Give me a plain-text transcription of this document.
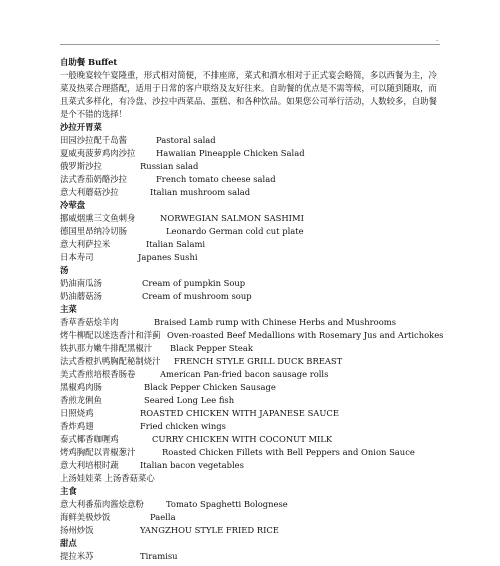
.
自助餐 Buffet

一般晚宴较午宴隆重，形式相对简便，不排座席，菜式和酒水相对于正式宴会略简，多以西餐为主，冷菜及热菜合理搭配，适用于日常的客户联络及友好往来。自助餐的优点是不需等候，可以随到随取，而且菜式多样化，有冷盘、沙拉中西菜品、蛋糕、和各种饮品。如果您公司举行活动，人数较多，自助餐是个不错的选择！

沙拉开胃菜
田园沙拉配千岛酱	Pastoral salad
夏威夷菠萝鸡肉沙拉 Hawaiian Pineapple Chicken Salad
俄罗斯沙拉	Russian salad
法式香茄奶酪沙拉	French tomato cheese salad
意大利蘑菇沙拉	Italian mushroom salad
冷荤盘
挪威烟熏三文鱼刺身	NORWEGIAN SALMON SASHIMI
德国里昂纳冷切肠	Leonardo German cold cut plate
意大利萨拉米	Italian Salami
日本寿司	Japanes Sushi
汤
奶油南瓜汤	Cream of pumpkin Soup
奶油蘑菇汤	Cream of mushroom soup
主菜
香草香菇烩羊肉	Braised Lamb rump with Chinese Herbs and Mushrooms
烤牛柳配以迷迭香汁和洋蓟 Oven-roasted Beef Medallions with Rosemary Jus and Artichokes
铁扒那力嫩牛排配黑椒汁 Black Pepper Steak
法式香橙扒鸭胸配秘制烧汁 FRENCH STYLE GRILL DUCK BREAST
美式香煎培根香肠卷	American Pan-fried bacon sausage rolls
黑椒鸡肉肠	Black Pepper Chicken Sausage
香煎龙俐鱼	Seared Long Lee fish
日照烧鸡	ROASTED CHICKEN WITH JAPANESE SAUCE
香炸鸡翅	Fried chicken wings
泰式椰香咖喱鸡	CURRY CHICKEN WITH COCONUT MILK
烤鸡胸配以青椒葱汁	Roasted Chicken Fillets with Bell Peppers and Onion Sauce
意大利培根时蔬	Italian bacon vegetables
上汤娃娃菜 上汤香菇菜心
主食
意大利番茄肉酱烩意粉	Tomato Spaghetti Bolognese
海鲜美极炒饭	Paella
扬州炒饭	YANGZHOU STYLE FRIED RICE
甜点
提拉米苏	Tiramisu
